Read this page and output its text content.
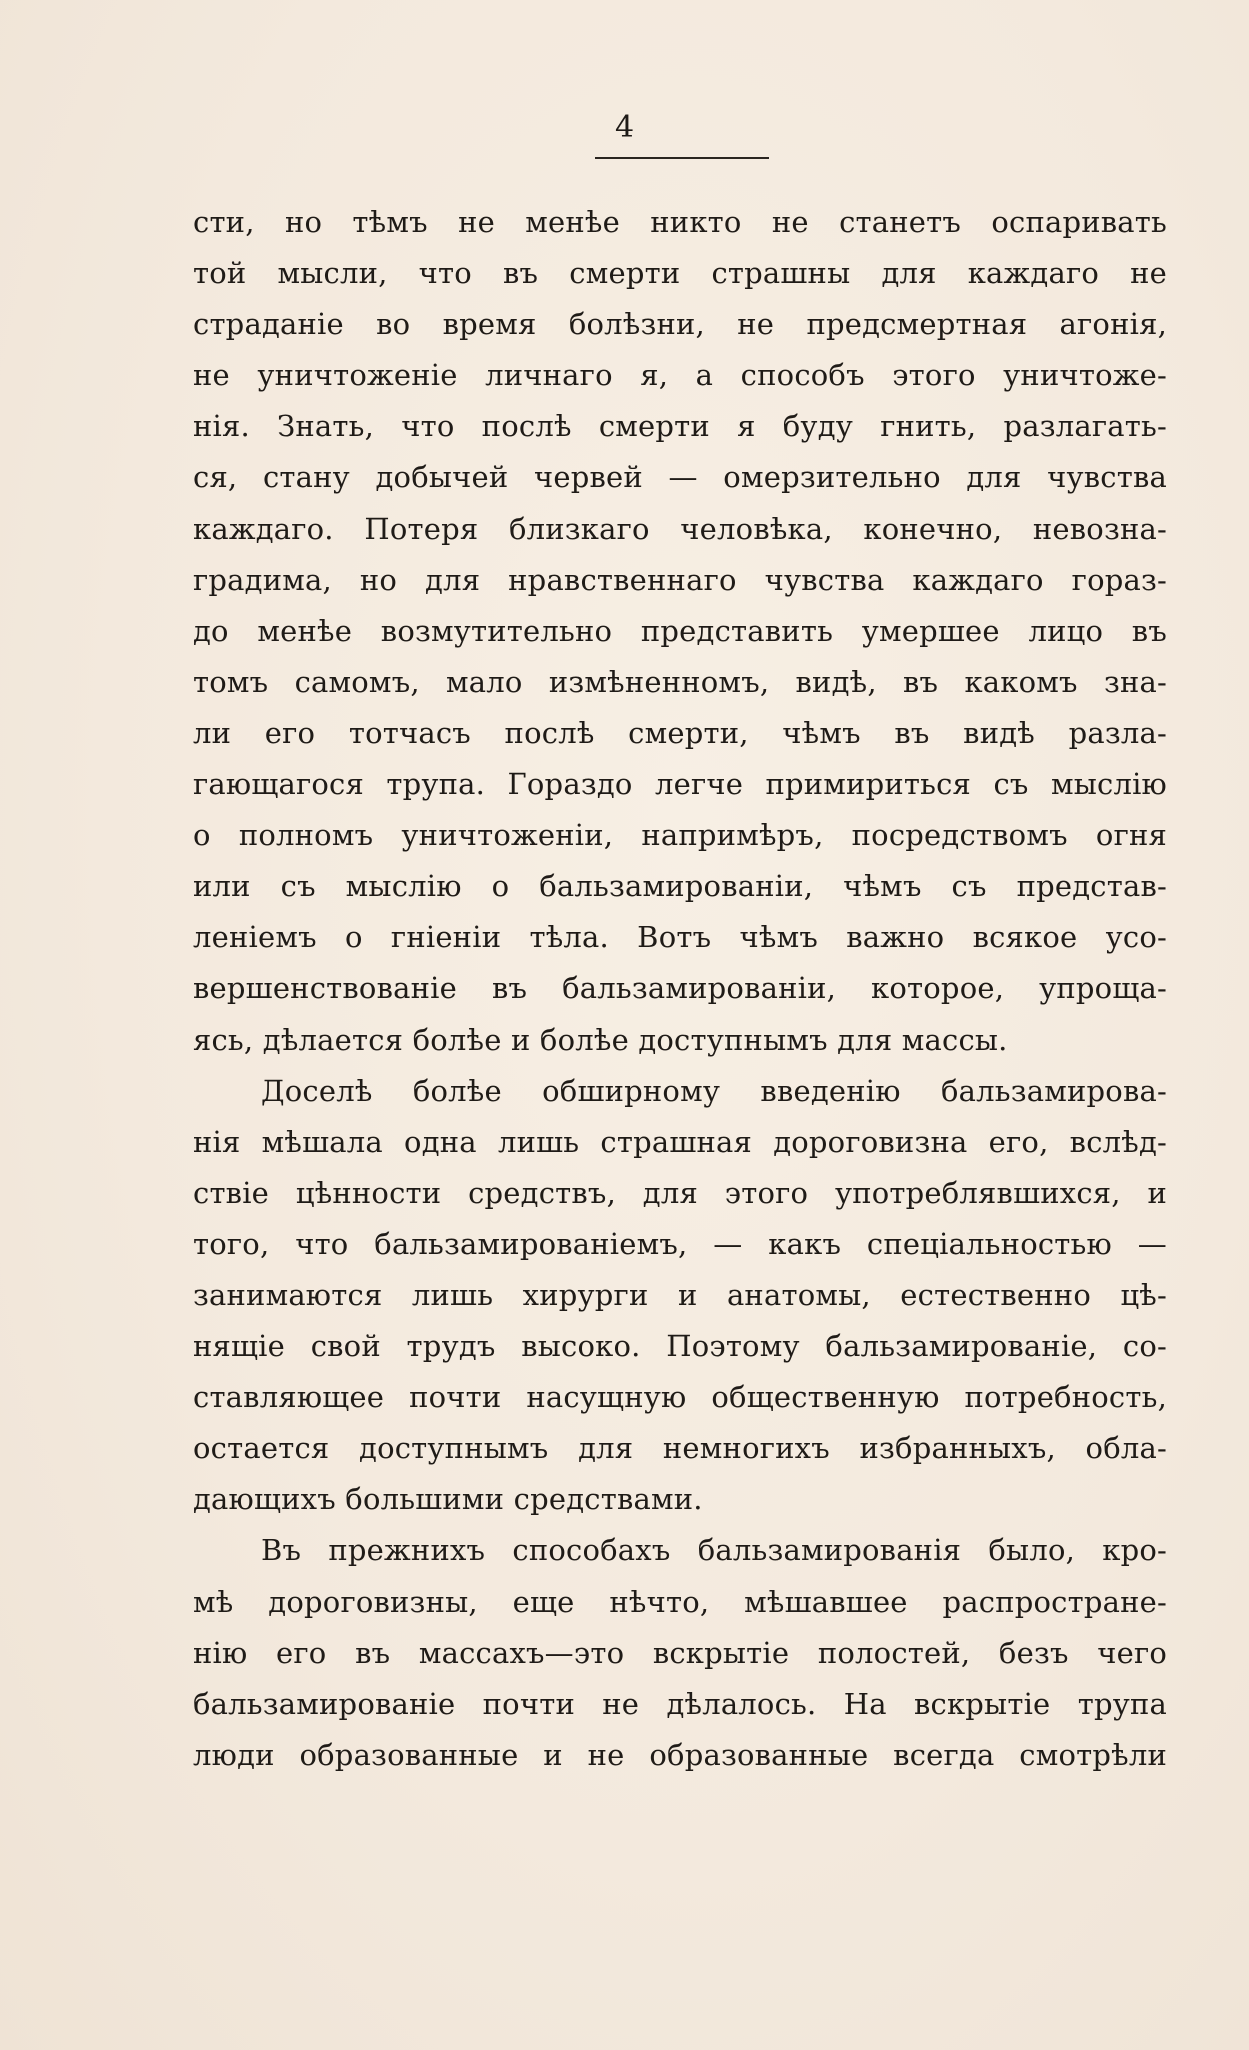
4
сти, но тѣмъ не менѣе никто не станетъ оспаривать
той мысли, что въ смерти страшны для каждаго не
страданіе во время болѣзни, не предсмертная агонія,
не уничтоженіе личнаго я, а способъ этого уничтоже-
нія. Знать, что послѣ смерти я буду гнить, разлагать-
ся, стану добычей червей — омерзительно для чувства
каждаго. Потеря близкаго человѣка, конечно, невозна-
градима, но для нравственнаго чувства каждаго горaз-
до менѣе возмутительно представить умершее лицо въ
томъ самомъ, мало измѣненномъ, видѣ, въ какомъ зна-
ли его тотчасъ послѣ смерти, чѣмъ въ видѣ разла-
гающагося трупа. Гораздо легче примириться съ мыслію
о полномъ уничтоженіи, напримѣръ, посредствомъ огня
или съ мыслію о бальзамированіи, чѣмъ съ представ-
леніемъ о гніеніи тѣла. Вотъ чѣмъ важно всякое усо-
вершенствованіе въ бальзамированіи, которое, упроща-
ясь, дѣлается болѣе и болѣе доступнымъ для массы.
Доселѣ болѣе обширному введенію бальзамирова-
нія мѣшала одна лишь страшная дороговизна его, вслѣд-
ствіе цѣнности средствъ, для этого употреблявшихся, и
того, что бальзамированіемъ, — какъ спеціальностью —
занимаются лишь хирурги и анатомы, естественно цѣ-
нящіе свой трудъ высоко. Поэтому бальзамированіе, со-
ставляющее почти насущную общественную потребность,
остается доступнымъ для немногихъ избранныхъ, обла-
дающихъ большими средствами.
Въ прежнихъ способахъ бальзамированія было, кро-
мѣ дороговизны, еще нѣчто, мѣшавшее распростране-
нію его въ массахъ—это вскрытіе полостей, безъ чего
бальзамированіе почти не дѣлалось. На вскрытіе трупа
люди образованные и не образованные всегда смотрѣли
